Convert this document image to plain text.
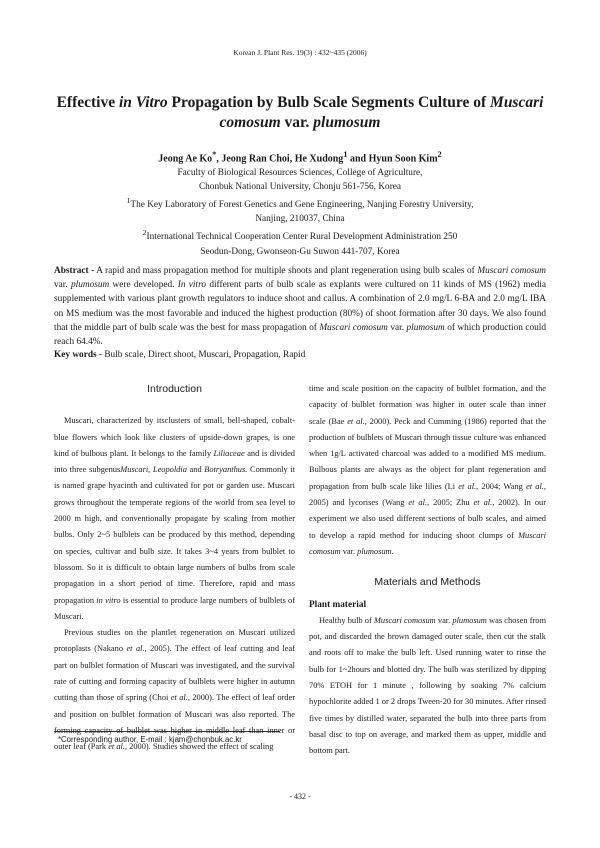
Korean J. Plant Res. 19(3) : 432~435 (2006)
Effective in Vitro Propagation by Bulb Scale Segments Culture of Muscari
comosum var. plumosum
Jeong Ae Ko*, Jeong Ran Choi, He Xudong$^1$ and Hyun Soon Kim$^2$
Faculty of Biological Resources Sciences, College of Agriculture,
Chonbuk National University, Chonju 561-756, Korea
$^1$The Key Laboratory of Forest Genetics and Gene Engineering, Nanjing Forestry University,
Nanjing, 210037, China
$^2$International Technical Cooperation Center Rural Development Administration 250
Seodun-Dong, Gwonseon-Gu Suwon 441-707, Korea
Abstract - A rapid and mass propagation method for multiple shoots and plant regeneration using bulb scales of Muscari comosum var. plumosum were developed. In vitro different parts of bulb scale as explants were cultured on 11 kinds of MS (1962) media supplemented with various plant growth regulators to induce shoot and callus. A combination of 2.0 mg/L 6-BA and 2.0 mg/L IBA on MS medium was the most favorable and induced the highest production (80%) of shoot formation after 30 days. We also found that the middle part of bulb scale was the best for mass propagation of Muscari comosum var. plumosum of which production could reach 64.4%.
Key words - Bulb scale, Direct shoot, Muscari, Propagation, Rapid

Introduction

Muscari, characterized by itsclusters of small, bell-shaped, cobalt-blue flowers which look like clusters of upside-down grapes, is one kind of bulbous plant. It belongs to the family Liliaceae and is divided into three subgenusMuscari, Leopoldia and Botryanthus. Commonly it is named grape hyacinth and cultivated for pot or garden use. Muscari grows throughout the temperate regions of the world from sea level to 2000 m high, and conventionally propagate by scaling from mother bulbs. Only 2~5 bulblets can be produced by this method, depending on species, cultivar and bulb size. It takes 3~4 years from bulblet to blossom. So it is difficult to obtain large numbers of bulbs from scale propagation in a short period of time. Therefore, rapid and mass propagation in vitro is essential to produce large numbers of bulblets of Muscari.

Previous studies on the plantlet regeneration on Muscari utilized protoplasts (Nakano et al., 2005). The effect of leaf cutting and leaf part on bulblet formation of Muscari was investigated, and the survival rate of cutting and forming capacity of bulblets were higher in autumn cutting than those of spring (Choi et al., 2000). The effect of leaf order and position on bulblet formation of Muscari was also reported. The forming capacity of bulblet was higher in middle leaf than inner or outer leaf (Park et al., 2000). Studies showed the effect of scaling

time and scale position on the capacity of bulblet formation, and the capacity of bulblet formation was higher in outer scale than inner scale (Bae et al., 2000). Peck and Cumming (1986) reported that the production of bulblets of Muscari through tissue culture was enhanced when 1g/L activated charcoal was added to a modified MS medium. Bulbous plants are always as the object for plant regeneration and propagation from bulb scale like lilies (Li et al., 2004; Wang et al., 2005) and lycorises (Wang et al., 2005; Zhu et al., 2002). In our experiment we also used different sections of bulb scales, and aimed to develop a rapid method for inducing shoot clumps of Muscari comosum var. plumosum.

Materials and Methods

Plant material

Healthy bulb of Muscari comosum var. plumosum was chosen from pot, and discarded the brown damaged outer scale, then cut the stalk and roots off to make the bulb left. Used running water to rinse the bulb for 1~2hours and blotted dry. The bulb was sterilized by dipping 70% ETOH for 1 minute , following by soaking 7% calcium hypochlorite added 1 or 2 drops Tween-20 for 30 minutes. After rinsed five times by distilled water, separated the bulb into three parts from basal disc to top on average, and marked them as upper, middle and bottom part.

*Corresponding author, E-mail : kjam@chonbuk.ac.kr
- 432 -
